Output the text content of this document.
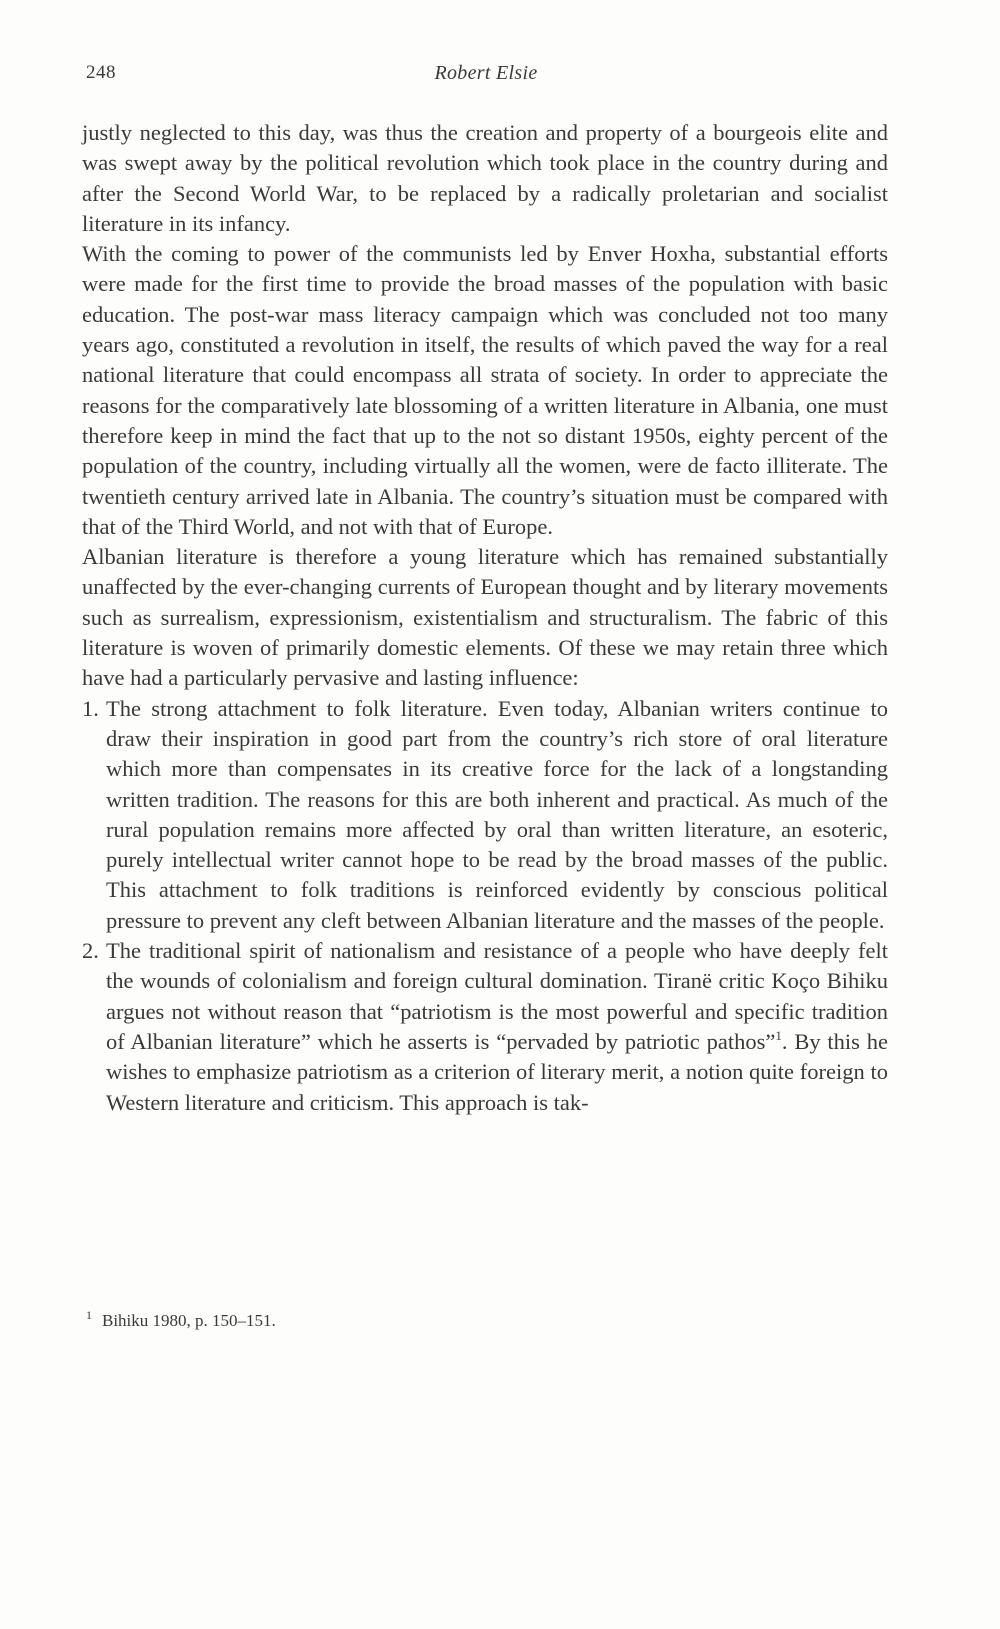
248	Robert Elsie

justly neglected to this day, was thus the creation and property of a bourgeois elite and was swept away by the political revolution which took place in the country during and after the Second World War, to be replaced by a radically proletarian and socialist literature in its infancy.

With the coming to power of the communists led by Enver Hoxha, substantial efforts were made for the first time to provide the broad masses of the population with basic education. The post-war mass literacy campaign which was concluded not too many years ago, constituted a revolution in itself, the results of which paved the way for a real national literature that could encompass all strata of society. In order to appreciate the reasons for the comparatively late blossoming of a written literature in Albania, one must therefore keep in mind the fact that up to the not so distant 1950s, eighty percent of the population of the country, including virtually all the women, were de facto illiterate. The twentieth century arrived late in Albania. The country’s situation must be compared with that of the Third World, and not with that of Europe.

Albanian literature is therefore a young literature which has remained substantially unaffected by the ever-changing currents of European thought and by literary movements such as surrealism, expressionism, existentialism and structuralism. The fabric of this literature is woven of primarily domestic elements. Of these we may retain three which have had a particularly pervasive and lasting influence:

1. The strong attachment to folk literature. Even today, Albanian writers continue to draw their inspiration in good part from the country’s rich store of oral literature which more than compensates in its creative force for the lack of a longstanding written tradition. The reasons for this are both inherent and practical. As much of the rural population remains more affected by oral than written literature, an esoteric, purely intellectual writer cannot hope to be read by the broad masses of the public. This attachment to folk traditions is reinforced evidently by conscious political pressure to prevent any cleft between Albanian literature and the masses of the people.
2. The traditional spirit of nationalism and resistance of a people who have deeply felt the wounds of colonialism and foreign cultural domination. Tiranë critic Koço Bihiku argues not without reason that “patriotism is the most powerful and specific tradition of Albanian literature” which he asserts is “pervaded by patriotic pathos”$^1$. By this he wishes to emphasize patriotism as a criterion of literary merit, a notion quite foreign to Western literature and criticism. This approach is tak-
$^1$ Bihiku 1980, p. 150–151.
